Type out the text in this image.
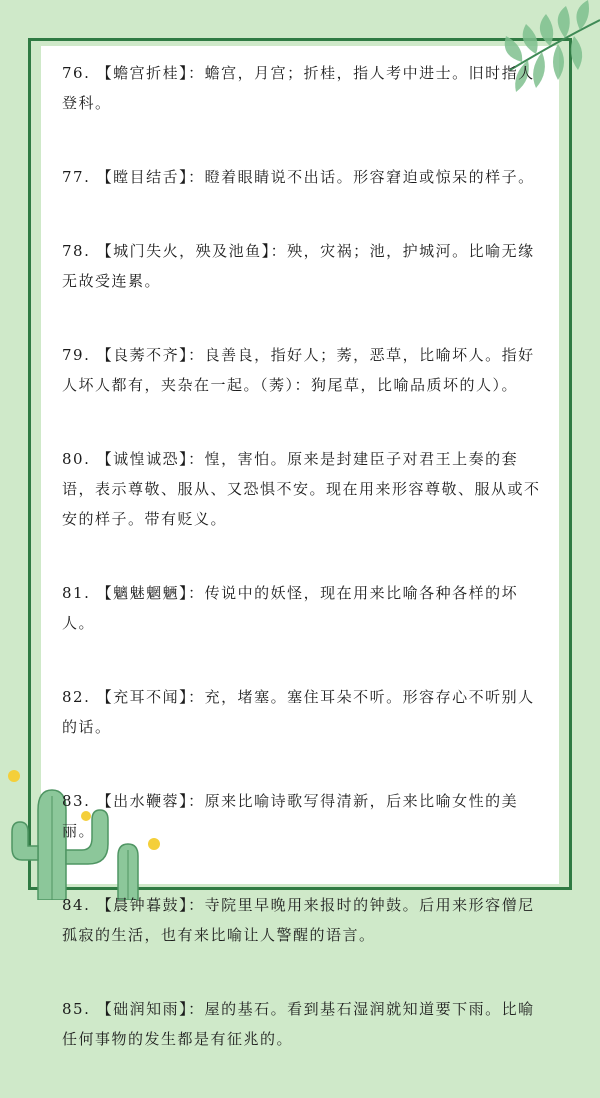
76. 【蟾宫折桂】：蟾宫，月宫；折桂，指人考中进士。旧时指人登科。

77. 【瞠目结舌】：瞪着眼睛说不出话。形容窘迫或惊呆的样子。

78. 【城门失火，殃及池鱼】：殃，灾祸；池，护城河。比喻无缘无故受连累。

79. 【良莠不齐】：良善良，指好人；莠，恶草，比喻坏人。指好人坏人都有，夹杂在一起。（莠）：狗尾草，比喻品质坏的人）。

80. 【诚惶诚恐】：惶，害怕。原来是封建臣子对君王上奏的套语，表示尊敬、服从、又恐惧不安。现在用来形容尊敬、服从或不安的样子。带有贬义。

81. 【魑魅魍魉】：传说中的妖怪，现在用来比喻各种各样的坏人。

82. 【充耳不闻】：充，堵塞。塞住耳朵不听。形容存心不听别人的话。

83. 【出水鞭蓉】：原来比喻诗歌写得清新，后来比喻女性的美丽。

84. 【晨钟暮鼓】：寺院里早晚用来报时的钟鼓。后用来形容僧尼孤寂的生活，也有来比喻让人警醒的语言。

85. 【础润知雨】：屋的基石。看到基石湿润就知道要下雨。比喻任何事物的发生都是有征兆的。
